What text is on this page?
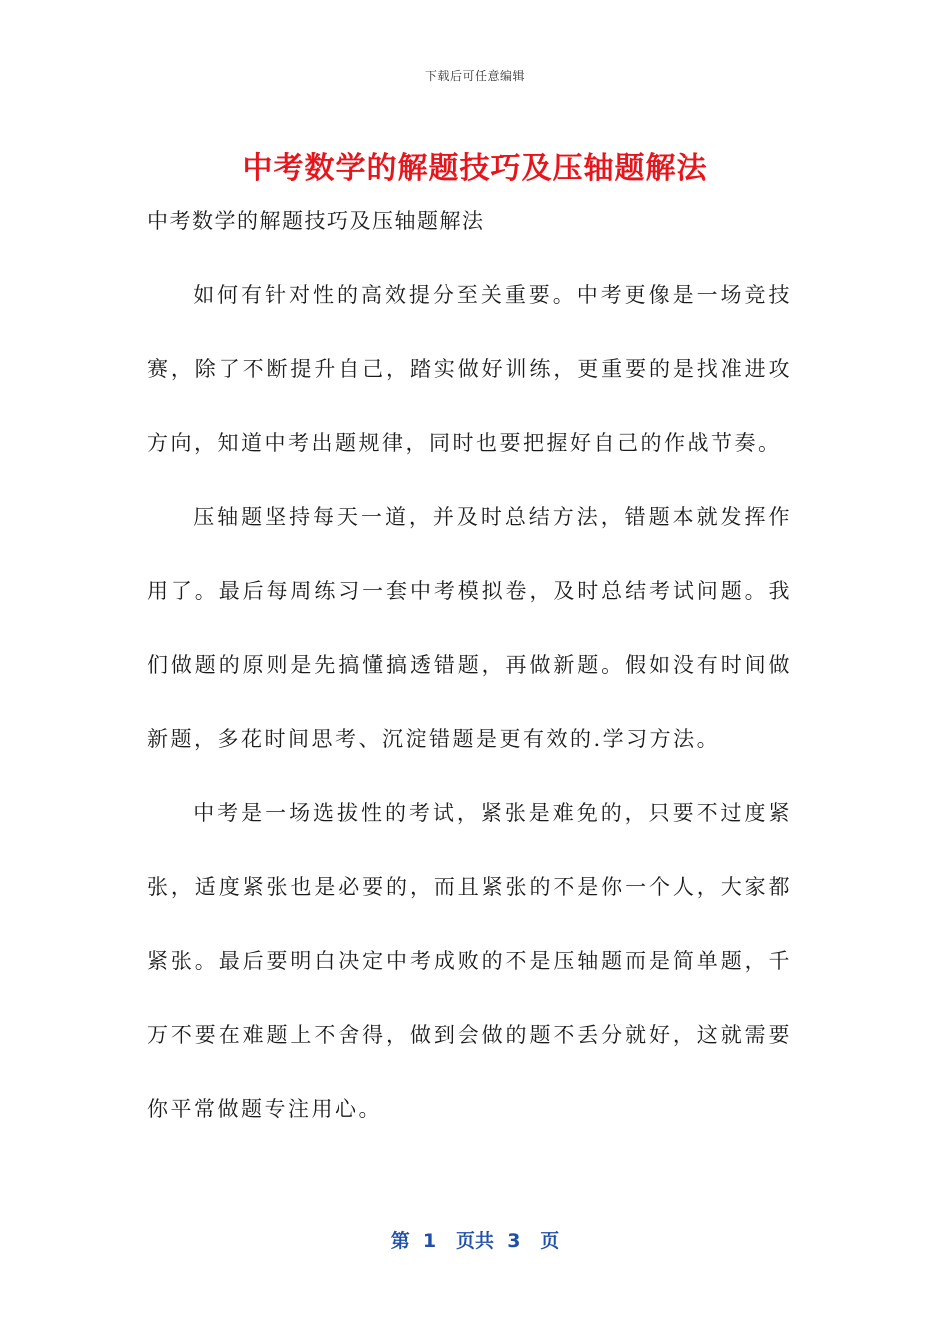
下载后可任意编辑
中考数学的解题技巧及压轴题解法
中考数学的解题技巧及压轴题解法

如何有针对性的高效提分至关重要。中考更像是一场竞技赛，除了不断提升自己，踏实做好训练，更重要的是找准进攻方向，知道中考出题规律，同时也要把握好自己的作战节奏。

压轴题坚持每天一道，并及时总结方法，错题本就发挥作用了。最后每周练习一套中考模拟卷，及时总结考试问题。我们做题的原则是先搞懂搞透错题，再做新题。假如没有时间做新题，多花时间思考、沉淀错题是更有效的.学习方法。

中考是一场选拔性的考试，紧张是难免的，只要不过度紧张，适度紧张也是必要的，而且紧张的不是你一个人，大家都紧张。最后要明白决定中考成败的不是压轴题而是简单题，千万不要在难题上不舍得，做到会做的题不丢分就好，这就需要你平常做题专注用心。

第  1   页共  3   页
